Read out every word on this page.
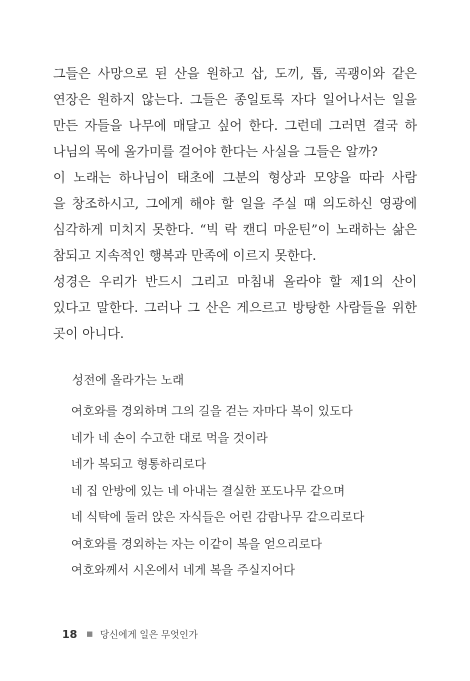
그들은 사망으로 된 산을 원하고 삽, 도끼, 톱, 곡괭이와 같은
연장은 원하지 않는다. 그들은 종일토록 자다 일어나서는 일을
만든 자들을 나무에 매달고 싶어 한다. 그런데 그러면 결국 하
나님의 목에 올가미를 걸어야 한다는 사실을 그들은 알까?
이 노래는 하나님이 태초에 그분의 형상과 모양을 따라 사람
을 창조하시고, 그에게 해야 할 일을 주실 때 의도하신 영광에
심각하게 미치지 못한다. “빅 락 캔디 마운틴”이 노래하는 삶은
참되고 지속적인 행복과 만족에 이르지 못한다.
성경은 우리가 반드시 그리고 마침내 올라야 할 제1의 산이
있다고 말한다. 그러나 그 산은 게으르고 방탕한 사람들을 위한
곳이 아니다.
성전에 올라가는 노래
여호와를 경외하며 그의 길을 걷는 자마다 복이 있도다
네가 네 손이 수고한 대로 먹을 것이라
네가 복되고 형통하리로다
네 집 안방에 있는 네 아내는 결실한 포도나무 같으며
네 식탁에 둘러 앉은 자식들은 어린 감람나무 같으리로다
여호와를 경외하는 자는 이같이 복을 얻으리로다
여호와께서 시온에서 네게 복을 주실지어다
18 ■ 당신에게 일은 무엇인가
